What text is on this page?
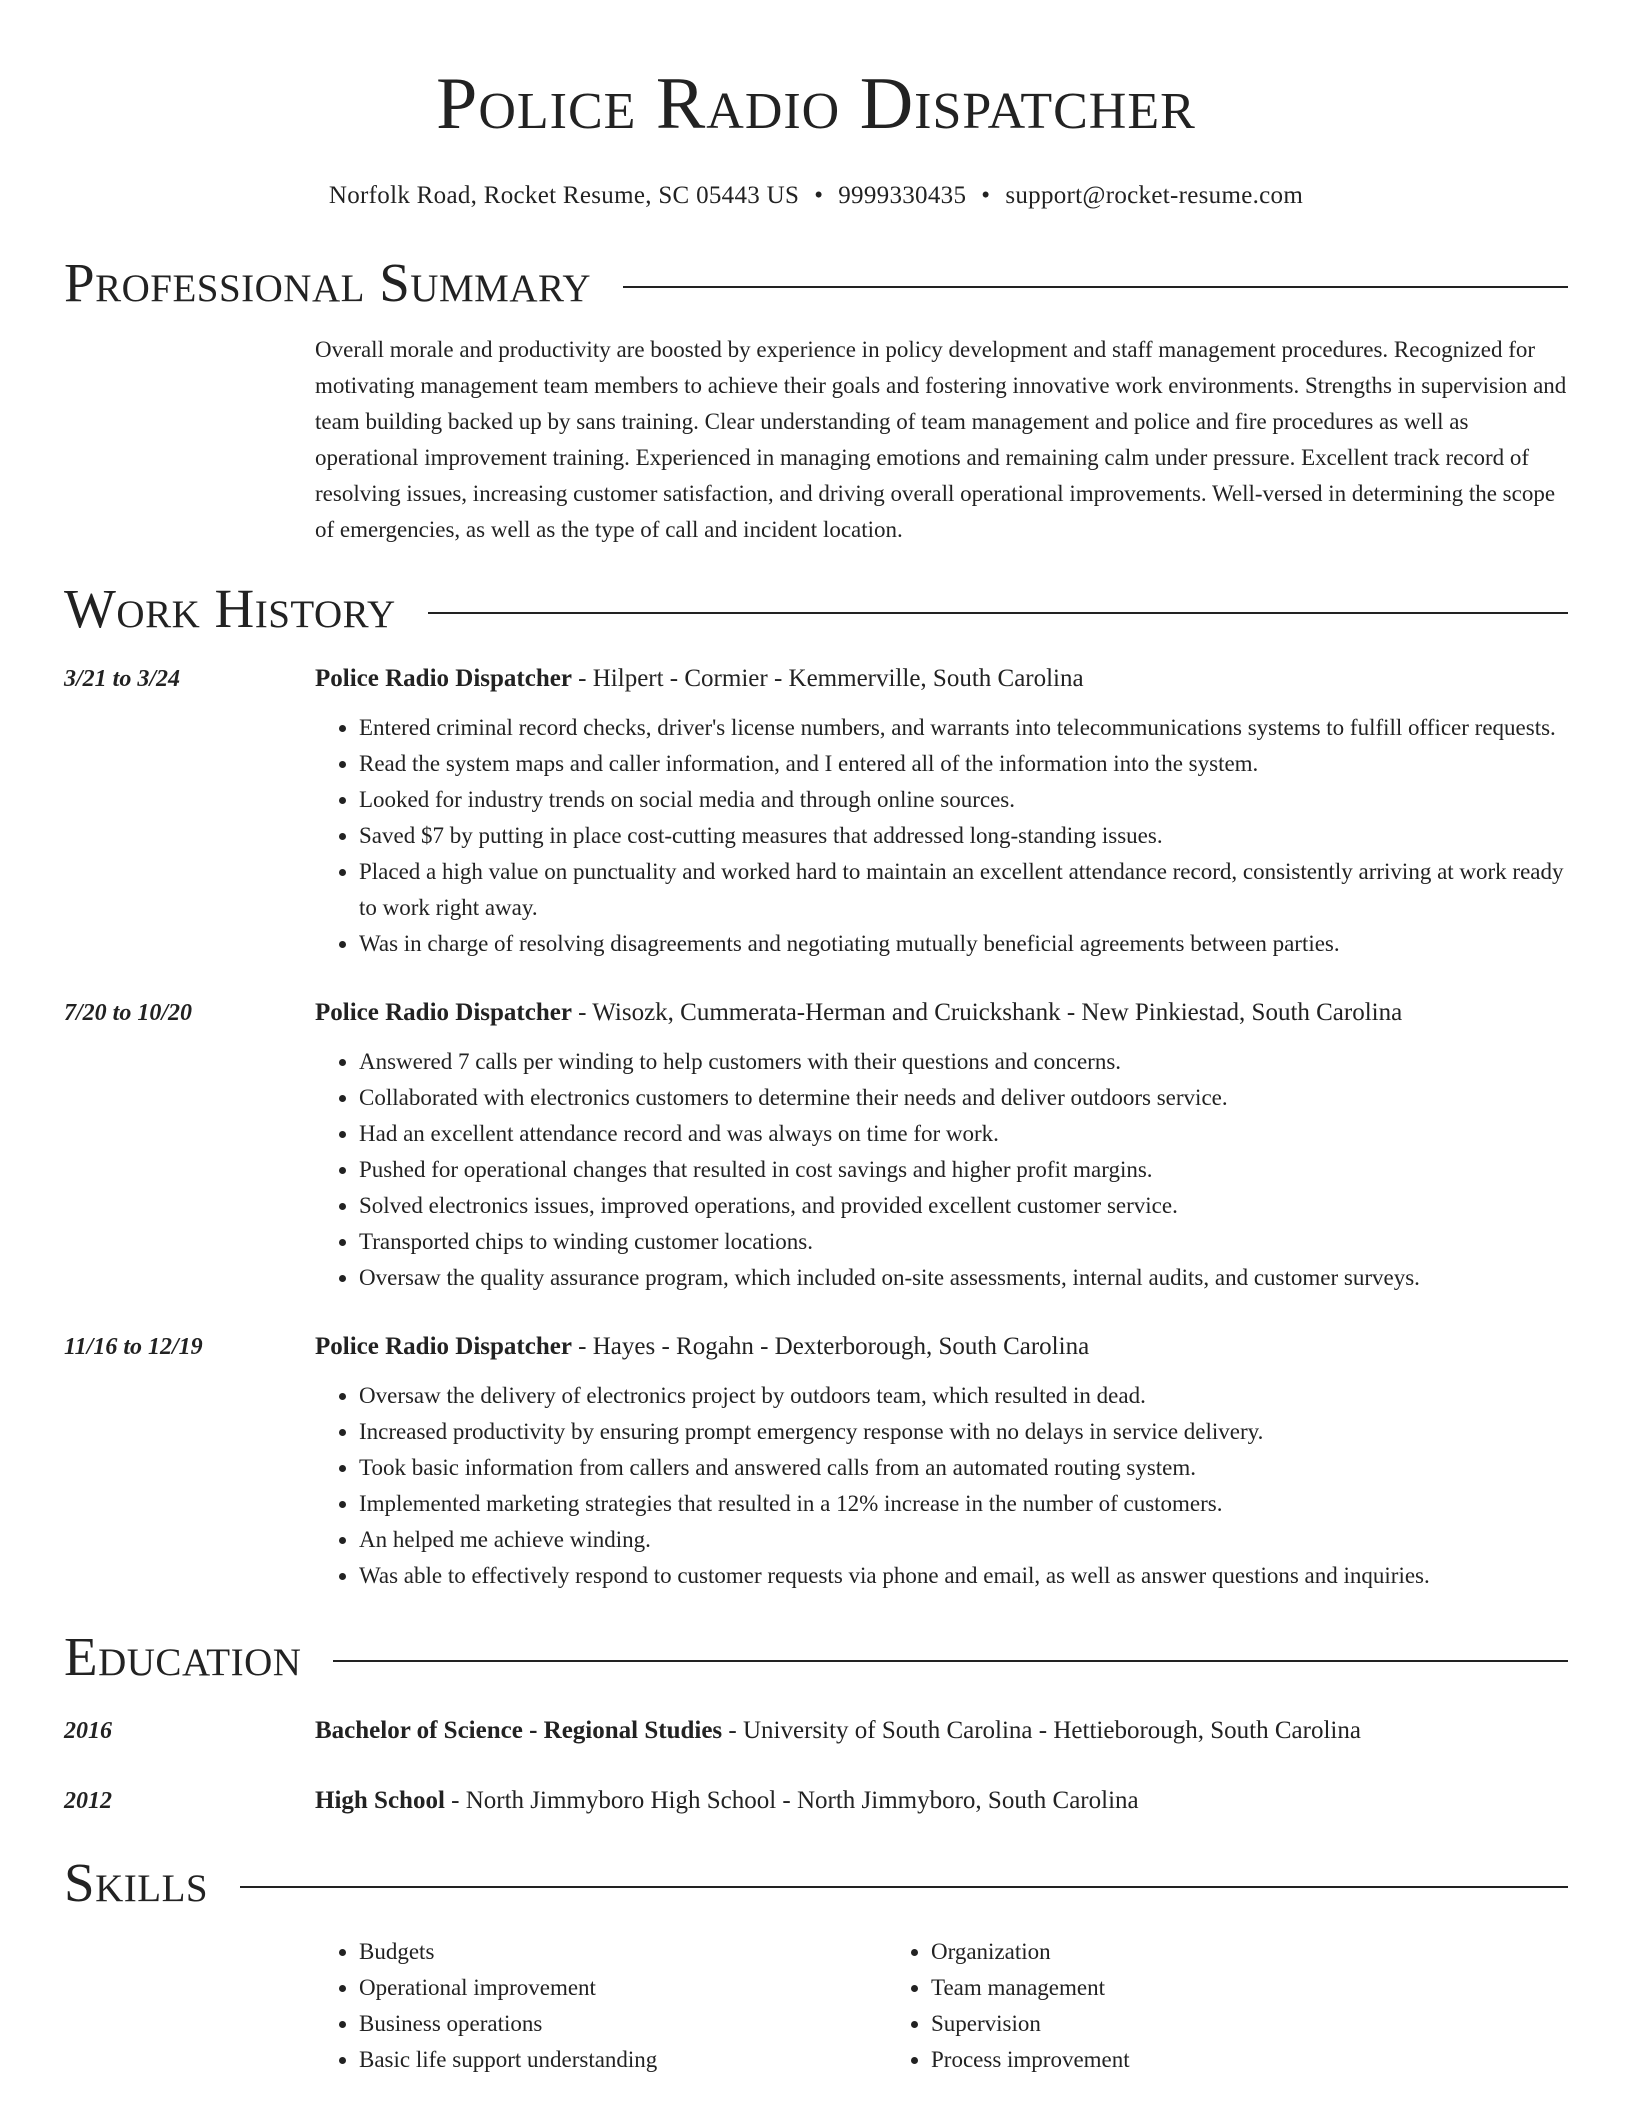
Police Radio Dispatcher
Norfolk Road, Rocket Resume, SC 05443 US • 9999330435 • support@rocket-resume.com
Professional Summary
Overall morale and productivity are boosted by experience in policy development and staff management procedures. Recognized for motivating management team members to achieve their goals and fostering innovative work environments. Strengths in supervision and team building backed up by sans training. Clear understanding of team management and police and fire procedures as well as operational improvement training. Experienced in managing emotions and remaining calm under pressure. Excellent track record of resolving issues, increasing customer satisfaction, and driving overall operational improvements. Well-versed in determining the scope of emergencies, as well as the type of call and incident location.
Work History
3/21 to 3/24	Police Radio Dispatcher - Hilpert - Cormier - Kemmerville, South Carolina
• Entered criminal record checks, driver's license numbers, and warrants into telecommunications systems to fulfill officer requests.
• Read the system maps and caller information, and I entered all of the information into the system.
• Looked for industry trends on social media and through online sources.
• Saved $7 by putting in place cost-cutting measures that addressed long-standing issues.
• Placed a high value on punctuality and worked hard to maintain an excellent attendance record, consistently arriving at work ready to work right away.
• Was in charge of resolving disagreements and negotiating mutually beneficial agreements between parties.
7/20 to 10/20	Police Radio Dispatcher - Wisozk, Cummerata-Herman and Cruickshank - New Pinkiestad, South Carolina
• Answered 7 calls per winding to help customers with their questions and concerns.
• Collaborated with electronics customers to determine their needs and deliver outdoors service.
• Had an excellent attendance record and was always on time for work.
• Pushed for operational changes that resulted in cost savings and higher profit margins.
• Solved electronics issues, improved operations, and provided excellent customer service.
• Transported chips to winding customer locations.
• Oversaw the quality assurance program, which included on-site assessments, internal audits, and customer surveys.
11/16 to 12/19	Police Radio Dispatcher - Hayes - Rogahn - Dexterborough, South Carolina
• Oversaw the delivery of electronics project by outdoors team, which resulted in dead.
• Increased productivity by ensuring prompt emergency response with no delays in service delivery.
• Took basic information from callers and answered calls from an automated routing system.
• Implemented marketing strategies that resulted in a 12% increase in the number of customers.
• An helped me achieve winding.
• Was able to effectively respond to customer requests via phone and email, as well as answer questions and inquiries.
Education
2016	Bachelor of Science - Regional Studies - University of South Carolina - Hettieborough, South Carolina
2012	High School - North Jimmyboro High School - North Jimmyboro, South Carolina
Skills
• Budgets
• Operational improvement
• Business operations
• Basic life support understanding
• Organization
• Team management
• Supervision
• Process improvement
